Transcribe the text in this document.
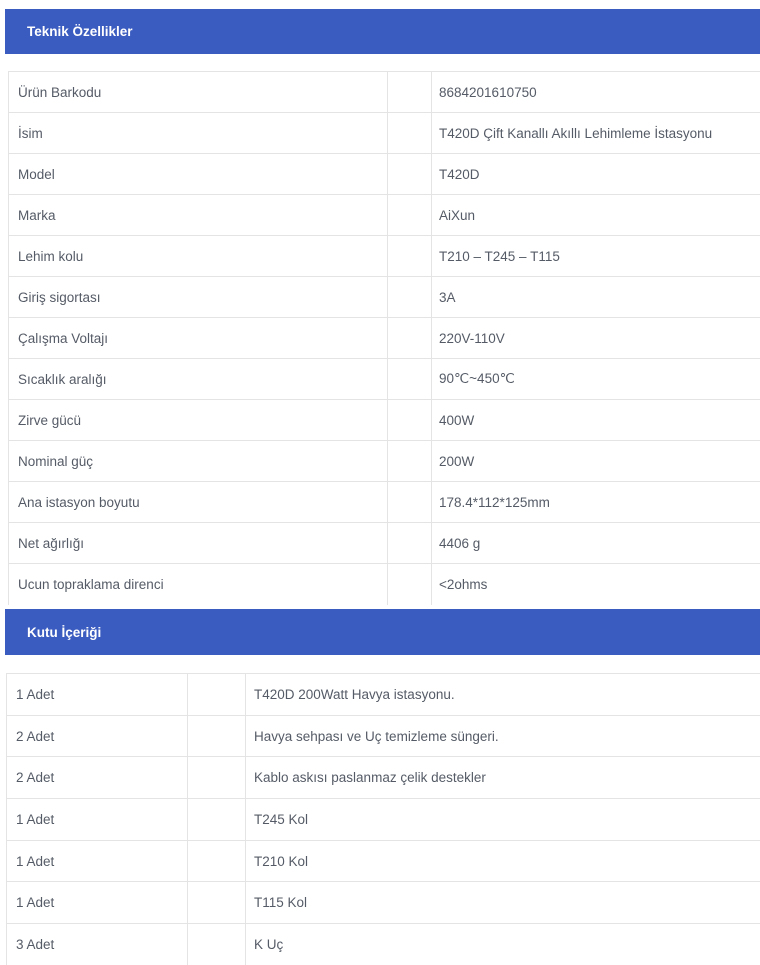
Teknik Özellikler
Ürün Barkodu		8684201610750
İsim		T420D Çift Kanallı Akıllı Lehimleme İstasyonu
Model		T420D
Marka		AiXun
Lehim kolu		T210 – T245 – T115
Giriş sigortası		3A
Çalışma Voltajı		220V-110V
Sıcaklık aralığı		90℃~450℃
Zirve gücü		400W
Nominal güç		200W
Ana istasyon boyutu		178.4*112*125mm
Net ağırlığı		4406 g
Ucun topraklama direnci		<2ohms
Kutu İçeriği
1 Adet		T420D 200Watt Havya istasyonu.
2 Adet		Havya sehpası ve Uç temizleme süngeri.
2 Adet		Kablo askısı paslanmaz çelik destekler
1 Adet		T245 Kol
1 Adet		T210 Kol
1 Adet		T115 Kol
3 Adet		K Uç
